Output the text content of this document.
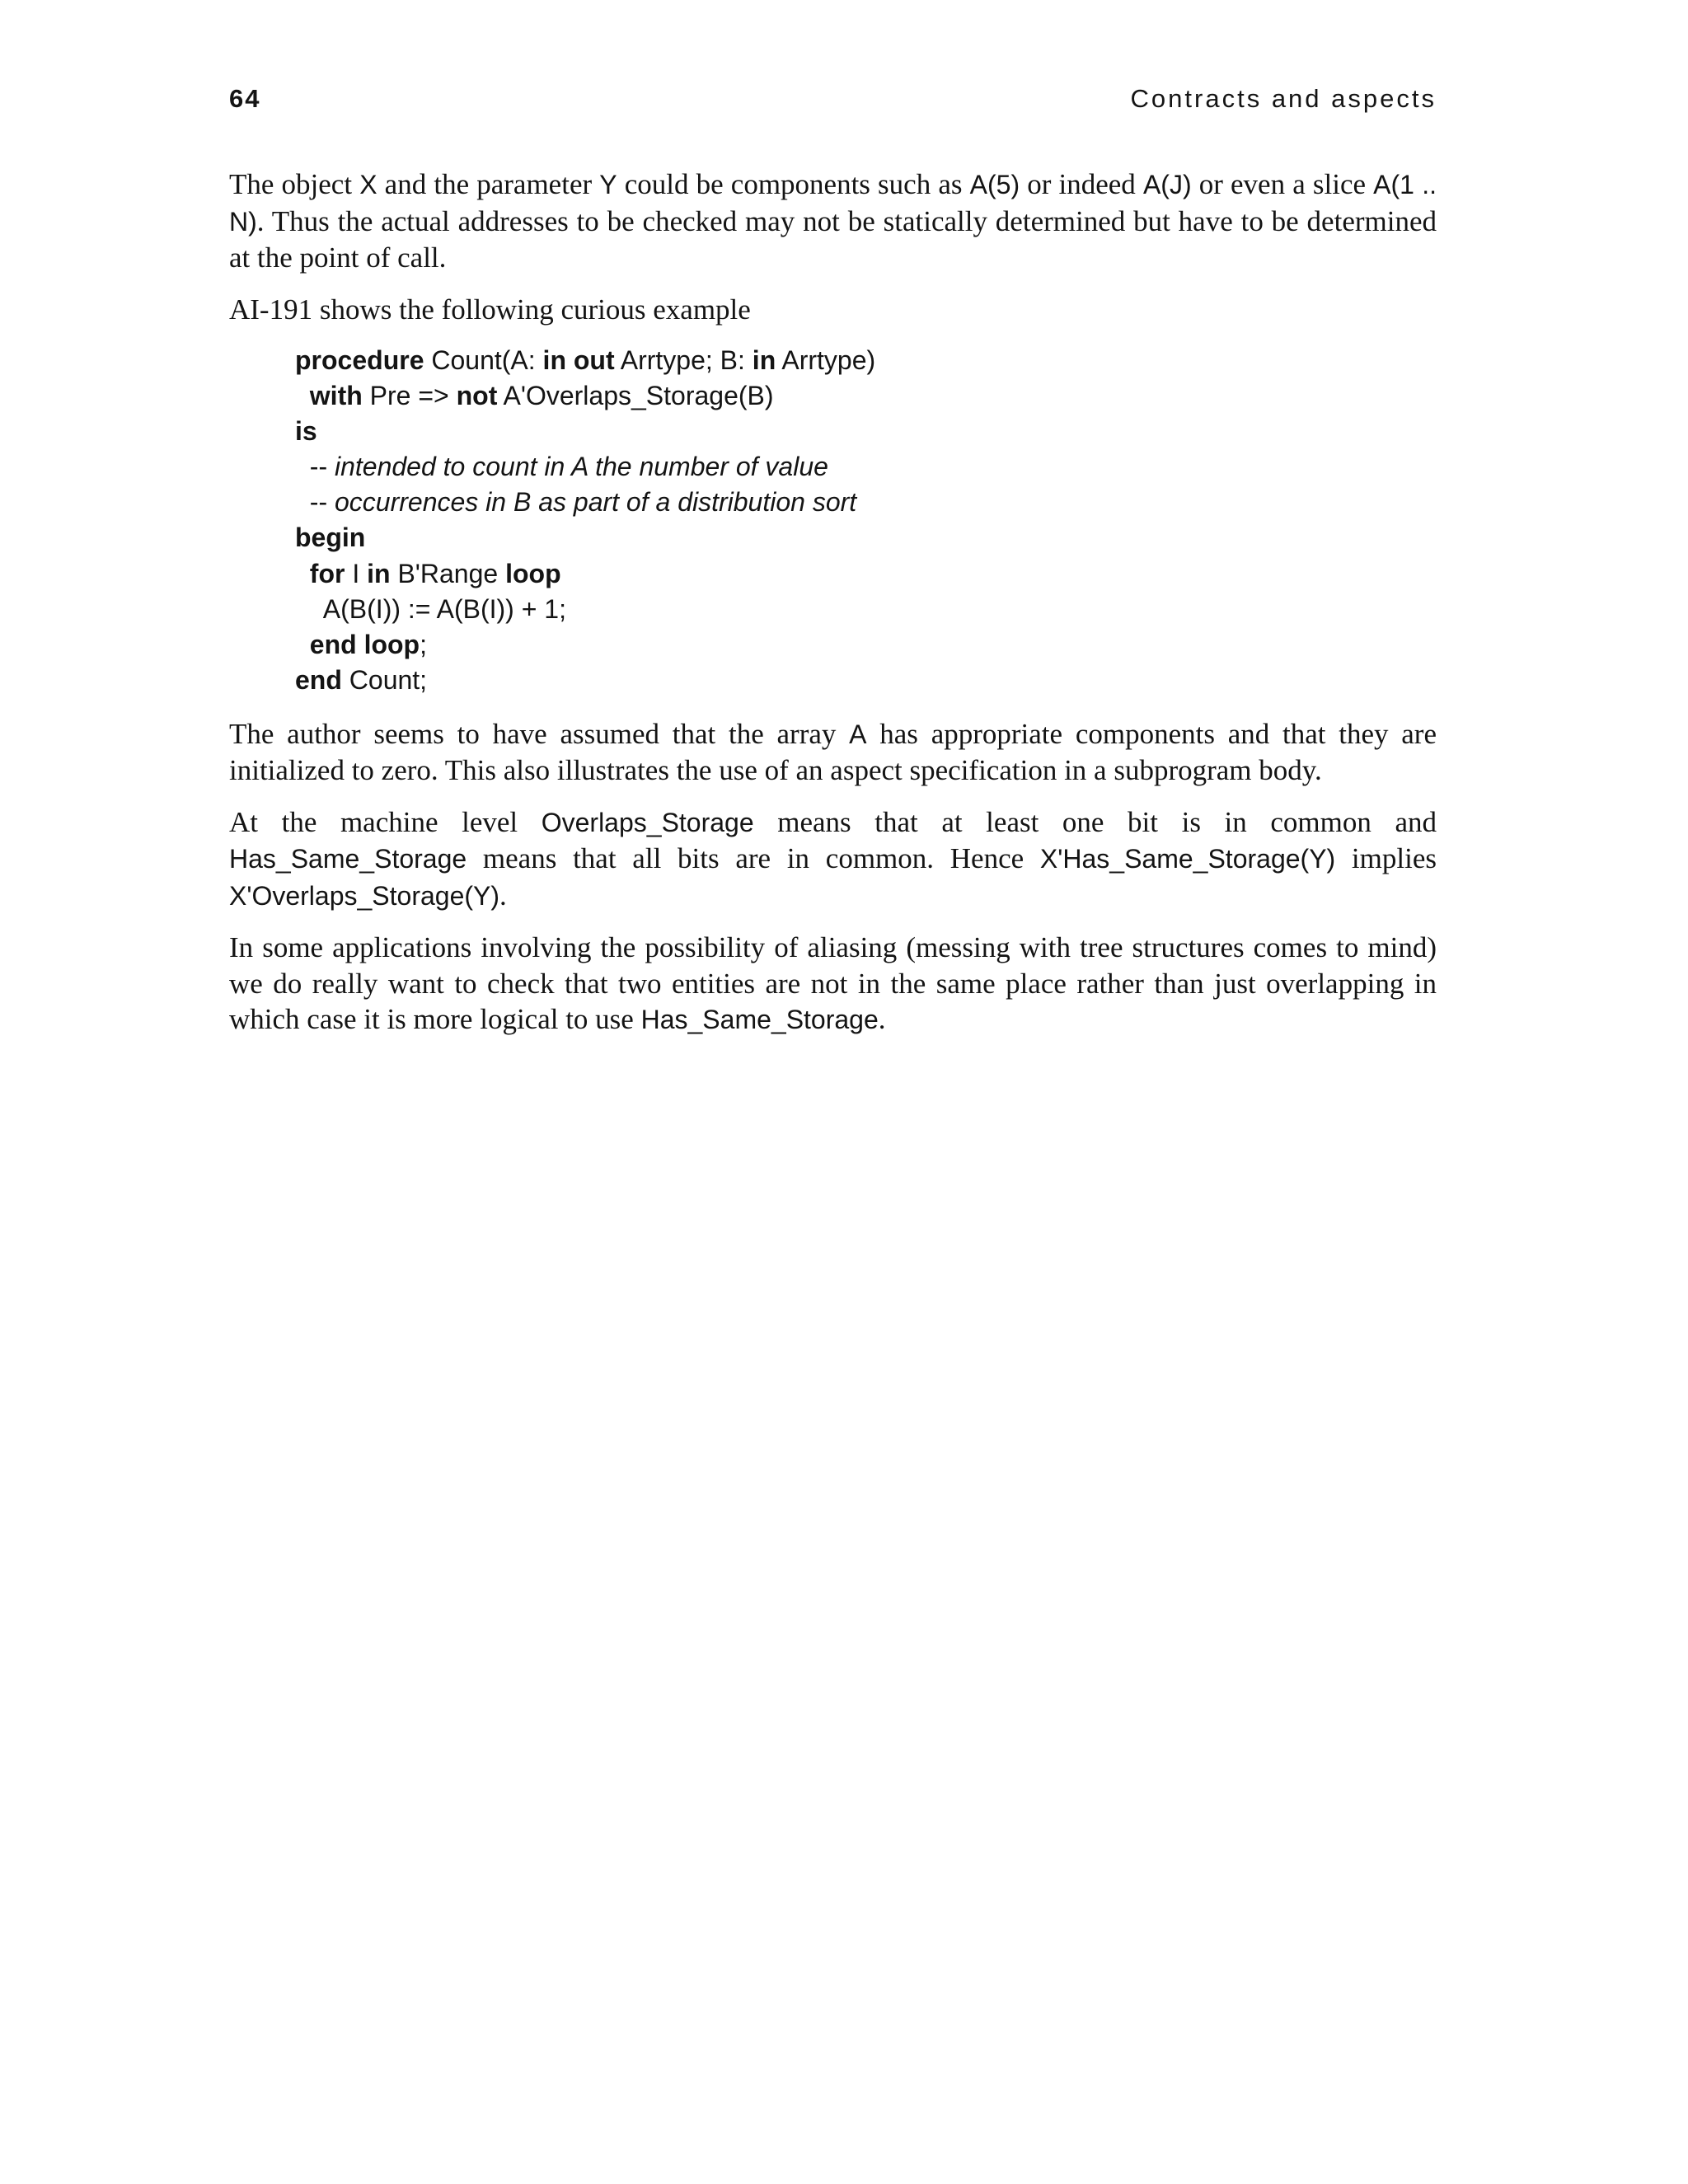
64	Contracts and aspects

The object X and the parameter Y could be components such as A(5) or indeed A(J) or even a slice A(1 .. N). Thus the actual addresses to be checked may not be statically determined but have to be determined at the point of call.

AI-191 shows the following curious example

procedure Count(A: in out Arrtype; B: in Arrtype)
with Pre => not A'Overlaps_Storage(B)
is
-- intended to count in A the number of value
-- occurrences in B as part of a distribution sort
begin
for I in B'Range loop
A(B(I)) := A(B(I)) + 1;
end loop;
end Count;

The author seems to have assumed that the array A has appropriate components and that they are initialized to zero. This also illustrates the use of an aspect specification in a subprogram body.

At the machine level Overlaps_Storage means that at least one bit is in common and Has_Same_Storage means that all bits are in common. Hence X'Has_Same_Storage(Y) implies X'Overlaps_Storage(Y).

In some applications involving the possibility of aliasing (messing with tree structures comes to mind) we do really want to check that two entities are not in the same place rather than just overlapping in which case it is more logical to use Has_Same_Storage.
